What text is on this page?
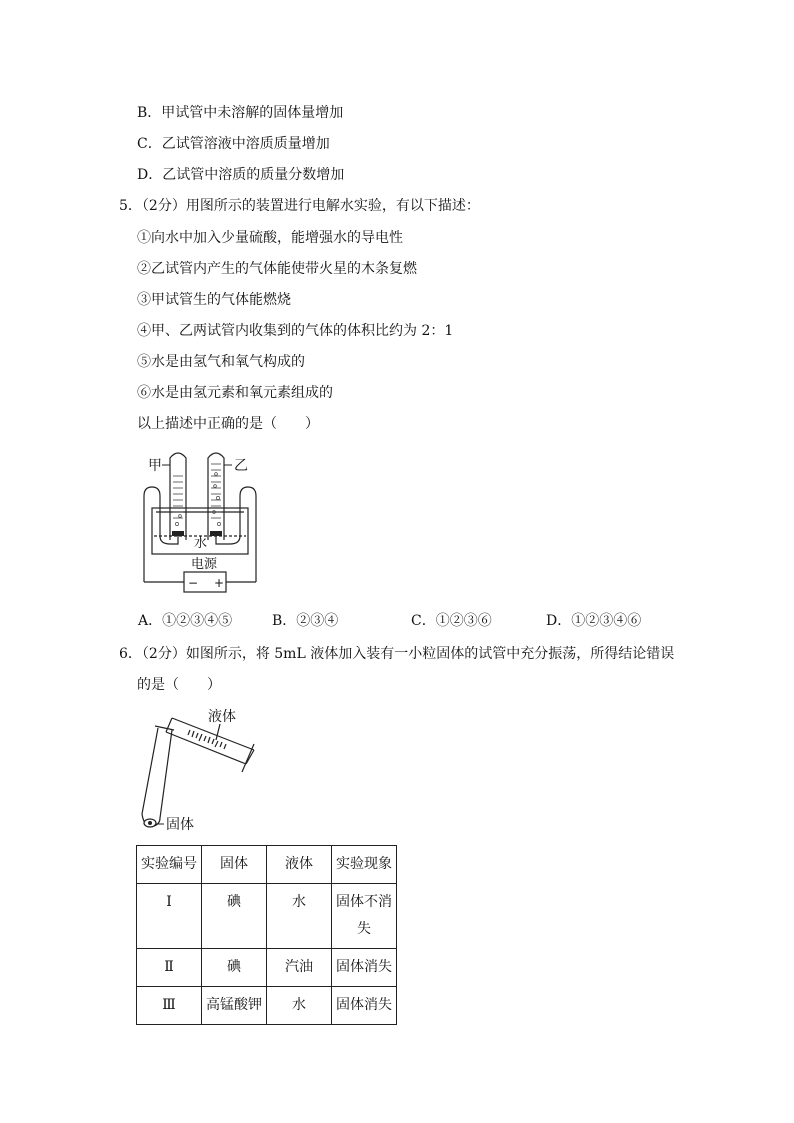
B．甲试管中未溶解的固体量增加
C．乙试管溶液中溶质质量增加
D．乙试管中溶质的质量分数增加
5．（2分）用图所示的装置进行电解水实验，有以下描述：
①向水中加入少量硫酸，能增强水的导电性
②乙试管内产生的气体能使带火星的木条复燃
③甲试管生的气体能燃烧
④甲、乙两试管内收集到的气体的体积比约为 2：1
⑤水是由氢气和氧气构成的
⑥水是由氢元素和氧元素组成的
以上描述中正确的是（　　）
甲	乙
水
电源
− +
A．①②③④⑤	B．②③④	C．①②③⑥	D．①②③④⑥
6．（2分）如图所示，将 5mL 液体加入装有一小粒固体的试管中充分振荡，所得结论错误
的是（　　）
液体
固体
实验编号	固体	液体	实验现象
Ⅰ	碘	水	固体不消失
Ⅱ	碘	汽油	固体消失
Ⅲ	高锰酸钾	水	固体消失
